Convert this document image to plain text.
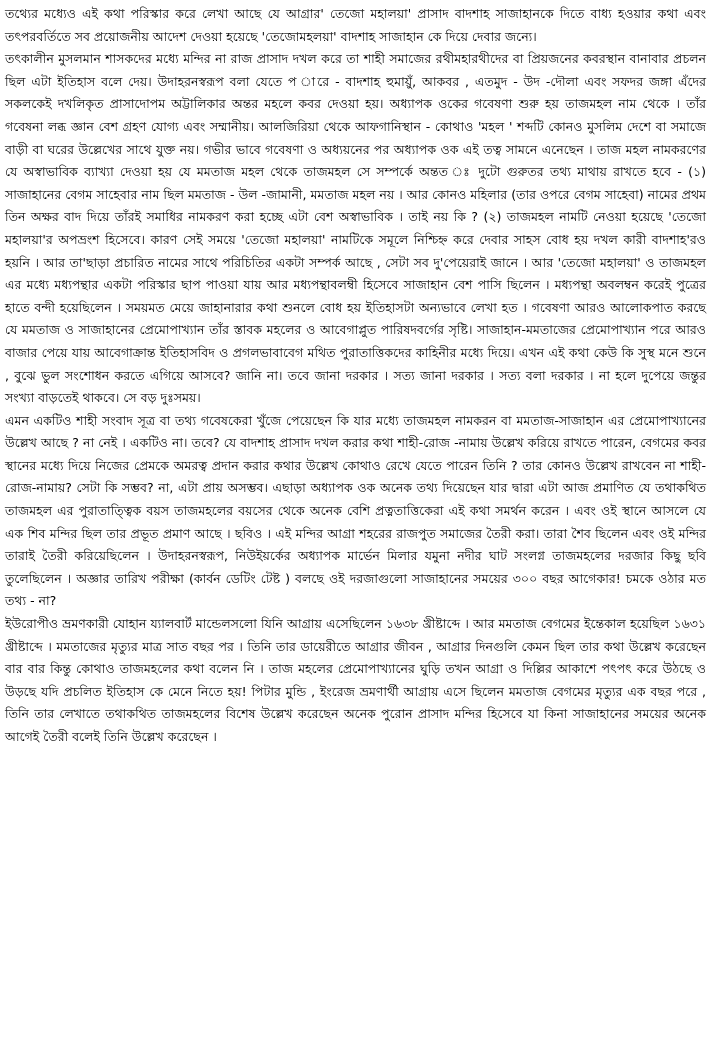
তথ্যের মধ্যেও এই কথা পরিস্কার করে লেখা আছে যে আগ্রার' তেজো মহালয়া' প্রাসাদ বাদশাহ সাজাহানকে দিতে বাধ্য হওয়ার কথা এবং তৎপরবর্তিতে সব প্রয়োজনীয় আদেশ দেওয়া হয়েছে 'তেজোমহলয়া' বাদশাহ সাজাহান কে দিয়ে দেবার জন্যে।

তৎকালীন মুসলমান শাসকদের মধ্যে মন্দির না রাজ প্রাসাদ দখল করে তা শাহী সমাজের রথীমহারথীদের বা প্রিয়জনের কবরস্থান বানাবার প্রচলন ছিল এটা ইতিহাস বলে দেয়। উদাহরনস্বরূপ বলা যেতে প ারে - বাদশাহ হুমায়ুঁ, আকবর , এতমুদ - উদ -দৌলা এবং সফদর জঙ্গা এঁদের সকলকেই দখলিকৃত প্রাসাদোপম অট্টালিকার অন্তর মহলে কবর দেওয়া হয়। অধ্যাপক ওকের গবেষণা শুরু হয় তাজমহল নাম থেকে । তাঁর গবেষনা লব্ধ জ্ঞান বেশ গ্রহণ যোগ্য এবং সম্মানীয়। আলজিরিয়া থেকে আফগানিস্থান - কোথাও 'মহল ' শব্দটি কোনও মুসলিম দেশে বা সমাজে বাড়ী বা ঘরের উল্লেখের সাথে যুক্ত নয়। গভীর ভাবে গবেষণা ও অধ্যয়নের পর অধ্যাপক ওক এই তত্ব সামনে এনেছেন । তাজ মহল নামকরণের যে অস্বাভাবিক ব্যাখ্যা দেওয়া হয় যে মমতাজ মহল থেকে তাজমহল সে সম্পর্কে অন্তত ঃ দুটো গুরুতর তথ্য মাথায় রাখতে হবে - (১) সাজাহানের বেগম সাহেবার নাম ছিল মমতাজ - উল -জামানী, মমতাজ মহল নয় । আর কোনও মহিলার (তার ওপরে বেগম সাহেবা) নামের প্রথম তিন অক্ষর বাদ দিয়ে তাঁরই সমাধির নামকরণ করা হচ্ছে এটা বেশ অস্বাভাবিক । তাই নয় কি ? (২) তাজমহল নামটি নেওয়া হয়েছে 'তেজো মহালয়া'র অপভ্রংশ হিসেবে। কারণ সেই সময়ে 'তেজো মহালয়া' নামটিকে সমূলে নিশ্চিহ্ন করে দেবার সাহস বোধ হয় দখল কারী বাদশাহ'রও হয়নি । আর তা'ছাড়া প্রচারিত নামের সাথে পরিচিতির একটা সম্পর্ক আছে , সেটা সব দু'পেয়েরাই জানে । আর 'তেজো মহালয়া' ও তাজমহল এর মধ্যে মধ্যপন্থার একটা পরিস্কার ছাপ পাওয়া যায় আর মধ্যপন্থাবলম্বী হিসেবে সাজাহান বেশ পাসি ছিলেন । মধ্যপন্থা অবলম্বন করেই পুত্রের হাতে বন্দী হয়েছিলেন । সময়মত মেয়ে জাহানারার কথা শুনলে বোধ হয় ইতিহাসটা অন্যভাবে লেখা হত । গবেষণা আরও আলোকপাত করছে যে মমতাজ ও সাজাহানের প্রেমোপাখ্যান তাঁর স্তাবক মহলের ও আবেগাপ্লুত পারিষদবর্গের সৃষ্টি। সাজাহান-মমতাজের প্রেমোপাখ্যান পরে আরও বাজার পেয়ে যায় আবেগাক্রান্ত ইতিহাসবিদ ও প্রগলভাবাবেগ মথিত পুরাতাত্তিকদের কাহিনীর মধ্যে দিয়ে। এখন এই কথা কেউ কি সুস্থ মনে শুনে , বুঝে ভুল সংশোধন করতে এগিয়ে আসবে? জানি না। তবে জানা দরকার । সত্য জানা দরকার । সত্য বলা দরকার । না হলে দুপেয়ে জন্তুর সংখ্যা বাড়তেই থাকবে। সে বড় দুঃসময়।

এমন একটিও শাহী সংবাদ সূত্র বা তথ্য গবেষকেরা খুঁজে পেয়েছেন কি যার মধ্যে তাজমহল নামকরন বা মমতাজ-সাজাহান এর প্রেমোপাখ্যানের উল্লেখ আছে ? না নেই । একটিও না। তবে? যে বাদশাহ প্রাসাদ দখল করার কথা শাহী-রোজ -নামায় উল্লেখ করিয়ে রাখতে পারেন, বেগমের কবর স্থানের মধ্যে দিয়ে নিজের প্রেমকে অমরত্ব প্রদান করার কথার উল্লেখ কোথাও রেখে যেতে পারেন তিনি ? তার কোনও উল্লেখ রাখবেন না শাহী-রোজ-নামায়? সেটা কি সম্ভব? না, এটা প্রায় অসম্ভব। এছাড়া অধ্যাপক ওক অনেক তথ্য দিয়েছেন যার দ্বারা এটা আজ প্রমাণিত যে তথাকথিত তাজমহল এর পুরাতাত্ত্বিক বয়স তাজমহলের বয়সের থেকে অনেক বেশি প্রত্নতাত্তিকেরা এই কথা সমর্থন করেন । এবং ওই স্থানে আসলে যে এক শিব মন্দির ছিল তার প্রভূত প্রমাণ আছে । ছবিও । এই মন্দির আগ্রা শহরের রাজপুত সমাজের তৈরী করা। তারা শৈব ছিলেন এবং ওই মন্দির তারাই তৈরী করিয়েছিলেন । উদাহরনস্বরূপ, নিউইয়র্কের অধ্যাপক মার্ভেন মিলার যমুনা নদীর ঘাট সংলগ্ন তাজমহলের দরজার কিছু ছবি তুলেছিলেন । অজ্ঞার তারিখ পরীক্ষা (কার্বন ডেটিং টেষ্ট ) বলছে ওই দরজাগুলো সাজাহানের সময়ের ৩০০ বছর আগেকার! চমকে ওঠার মত তথ্য - না?

ইউরোপীও ভ্রমণকারী যোহান য্যালবার্ট মান্ডেলসলো যিনি আগ্রায় এসেছিলেন ১৬৩৮ খ্রীষ্টাব্দে । আর মমতাজ বেগমের ইন্তেকাল হয়েছিল ১৬৩১ খ্রীষ্টাব্দে । মমতাজের মৃত্যুর মাত্র সাত বছর পর । তিনি তার ডায়েরীতে আগ্রার জীবন , আগ্রার দিনগুলি কেমন ছিল তার কথা উল্লেখ করেছেন বার বার কিন্তু কোথাও তাজমহলের কথা বলেন নি । তাজ মহলের প্রেমোপাখ্যানের ঘুড়ি তখন আগ্রা ও দিল্লির আকাশে পৎপৎ করে উঠছে ও উড়ছে যদি প্রচলিত ইতিহাস কে মেনে নিতে হয়! পিটার মুন্ডি , ইংরেজ ভ্রমণার্থী আগ্রায় এসে ছিলেন মমতাজ বেগমের মৃত্যুর এক বছর পরে , তিনি তার লেখাতে তথাকথিত তাজমহলের বিশেষ উল্লেখ করেছেন অনেক পুরোন প্রাসাদ মন্দির হিসেবে যা কিনা সাজাহানের সময়ের অনেক আগেই তৈরী বলেই তিনি উল্লেখ করেছেন ।
